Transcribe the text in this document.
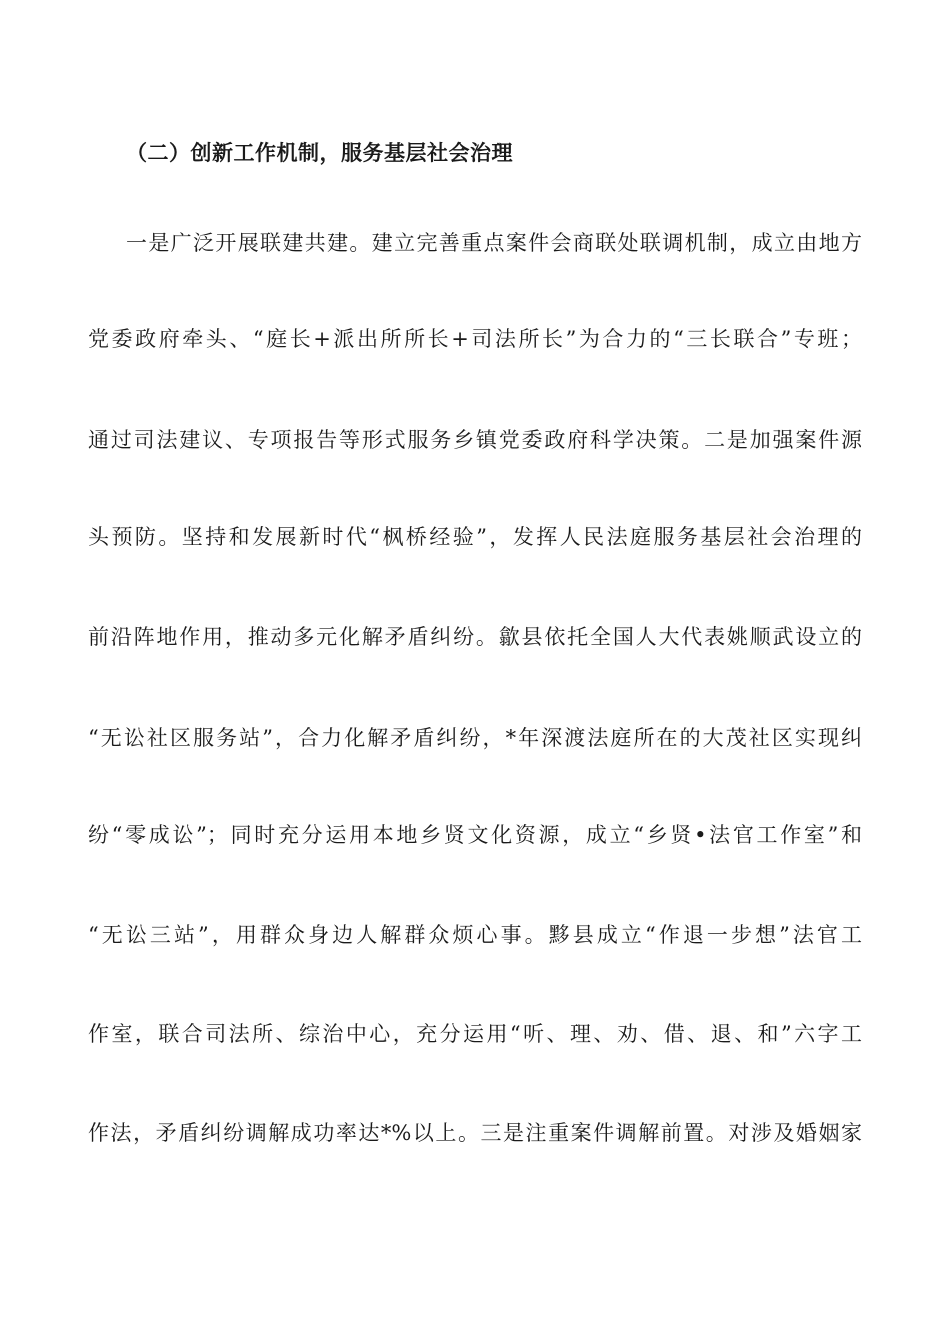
（二）创新工作机制，服务基层社会治理
一是广泛开展联建共建。建立完善重点案件会商联处联调机制，成立由地方
党委政府牵头、“庭长+派出所所长+司法所长”为合力的“三长联合”专班；
通过司法建议、专项报告等形式服务乡镇党委政府科学决策。二是加强案件源
头预防。坚持和发展新时代“枫桥经验”，发挥人民法庭服务基层社会治理的
前沿阵地作用，推动多元化解矛盾纠纷。歙县依托全国人大代表姚顺武设立的
“无讼社区服务站”，合力化解矛盾纠纷，*年深渡法庭所在的大茂社区实现纠
纷“零成讼”；同时充分运用本地乡贤文化资源，成立“乡贤•法官工作室”和
“无讼三站”，用群众身边人解群众烦心事。黟县成立“作退一步想”法官工
作室，联合司法所、综治中心，充分运用“听、理、劝、借、退、和”六字工
作法，矛盾纠纷调解成功率达*%以上。三是注重案件调解前置。对涉及婚姻家
